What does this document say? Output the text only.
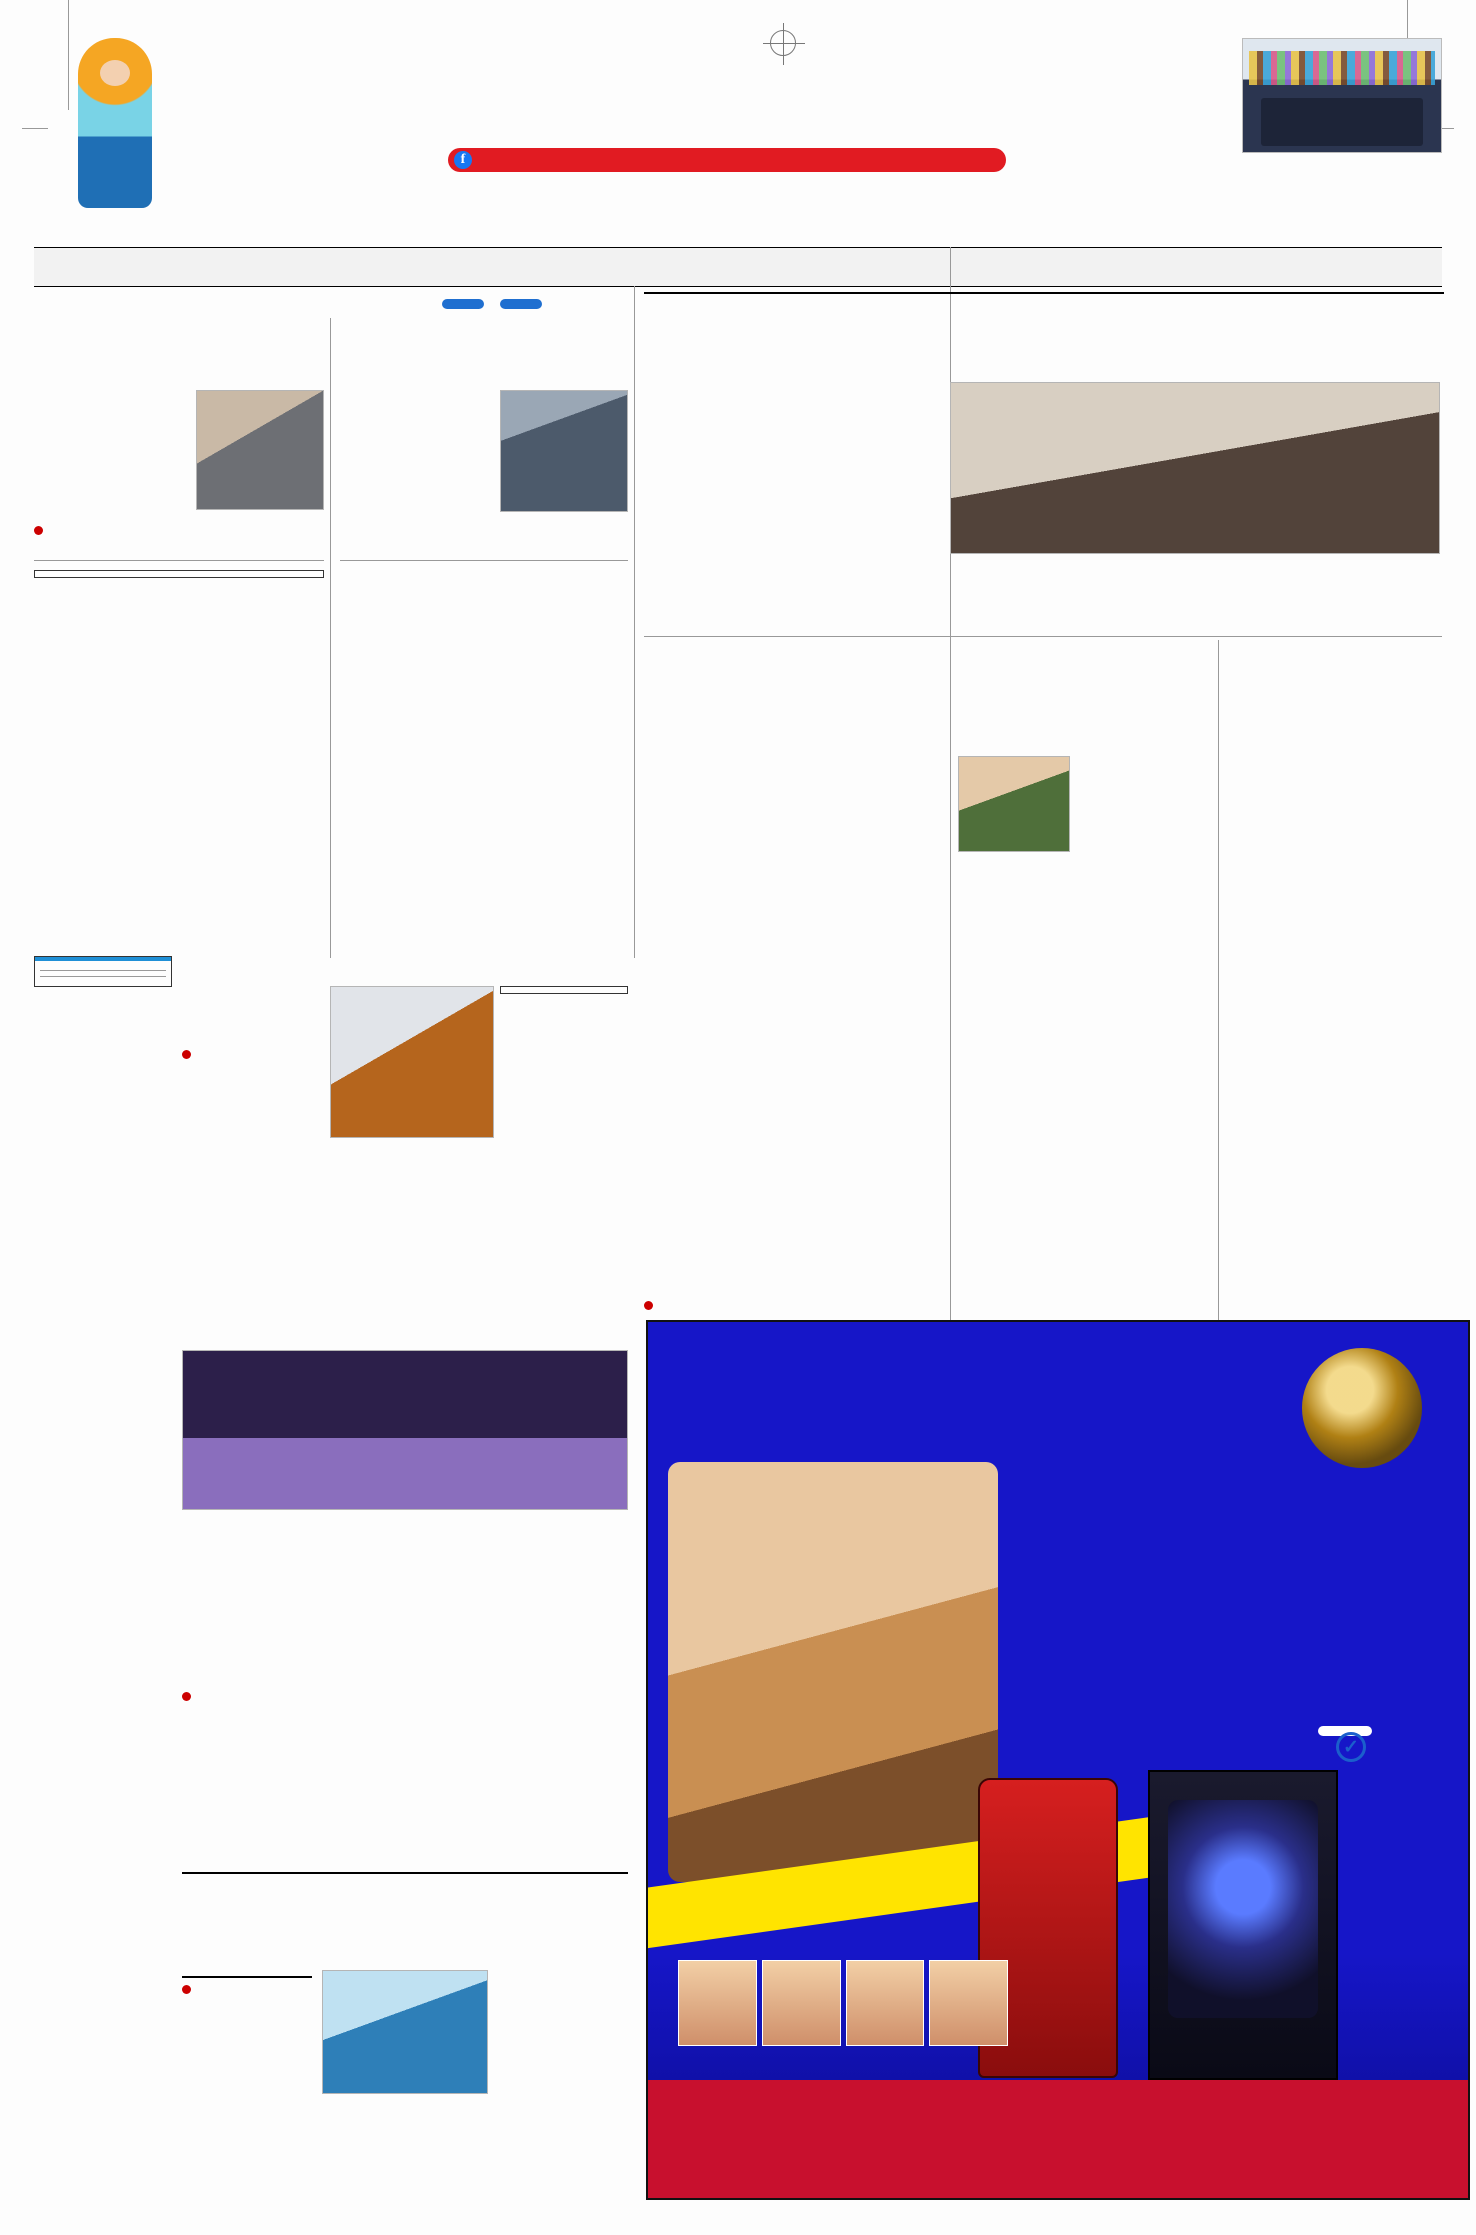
f
✓
